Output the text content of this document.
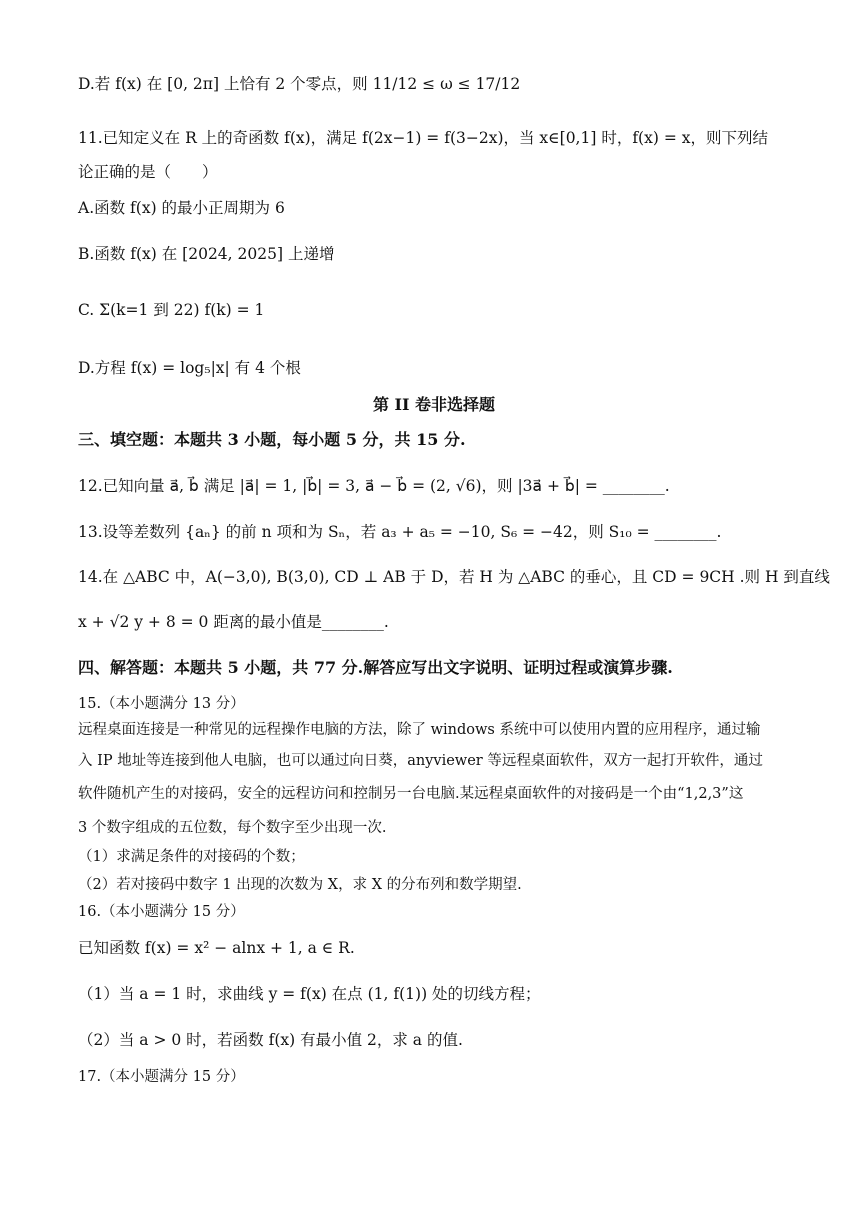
D.若 f(x) 在 [0, 2π] 上恰有 2 个零点，则 11/12 ≤ ω ≤ 17/12
11.已知定义在 R 上的奇函数 f(x)，满足 f(2x−1) = f(3−2x)，当 x∈[0,1] 时，f(x) = x，则下列结
论正确的是（　　）
A.函数 f(x) 的最小正周期为 6
B.函数 f(x) 在 [2024, 2025] 上递增
C. Σ(k=1 到 22) f(k) = 1
D.方程 f(x) = log₅|x| 有 4 个根
第 II 卷非选择题
三、填空题：本题共 3 小题，每小题 5 分，共 15 分.
12.已知向量 a⃗, b⃗ 满足 |a⃗| = 1, |b⃗| = 3, a⃗ − b⃗ = (2, √6)，则 |3a⃗ + b⃗| = ________.
13.设等差数列 {aₙ} 的前 n 项和为 Sₙ，若 a₃ + a₅ = −10, S₆ = −42，则 S₁₀ = ________.
14.在 △ABC 中，A(−3,0), B(3,0), CD ⊥ AB 于 D，若 H 为 △ABC 的垂心，且 CD = 9CH .则 H 到直线
x + √2 y + 8 = 0 距离的最小值是________.
四、解答题：本题共 5 小题，共 77 分.解答应写出文字说明、证明过程或演算步骤.
15.（本小题满分 13 分）
远程桌面连接是一种常见的远程操作电脑的方法，除了 windows 系统中可以使用内置的应用程序，通过输
入 IP 地址等连接到他人电脑，也可以通过向日葵，anyviewer 等远程桌面软件，双方一起打开软件，通过
软件随机产生的对接码，安全的远程访问和控制另一台电脑.某远程桌面软件的对接码是一个由“1,2,3”这
3 个数字组成的五位数，每个数字至少出现一次.
（1）求满足条件的对接码的个数；
（2）若对接码中数字 1 出现的次数为 X，求 X 的分布列和数学期望.
16.（本小题满分 15 分）
已知函数 f(x) = x² − alnx + 1, a ∈ R.
（1）当 a = 1 时，求曲线 y = f(x) 在点 (1, f(1)) 处的切线方程；
（2）当 a > 0 时，若函数 f(x) 有最小值 2，求 a 的值.
17.（本小题满分 15 分）
